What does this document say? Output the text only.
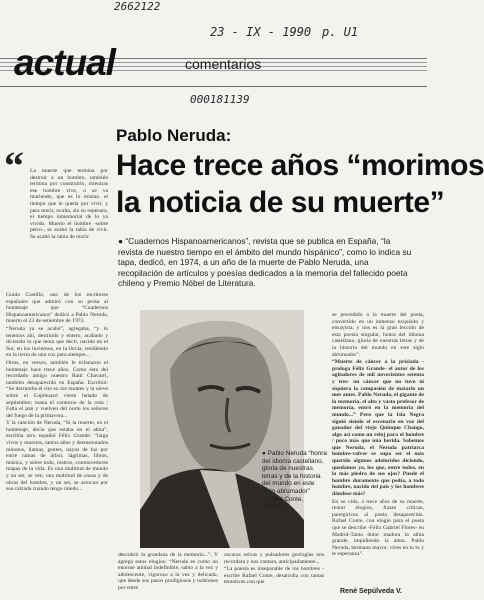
2662122
23 - IX - 1990 p. U1
000181139
actual	comentarios
Pablo Neruda:
Hace trece años “morimos
la noticia de su muerte”
● “Cuadernos Hispanoamericanos”, revista que se publica en España, “la revista de nuestro tiempo en el ámbito del mundo hispánico”, como lo indica su tapa, dedicó, en 1974, a un año de la muerte de Pablo Neruda, una recopilación de artículos y poesías dedicados a la memoria del fallecido poeta chileno y Premio Nóbel de Literatura.
“ La muerte que termina por destruir a un hombre, también termina por construirlo, mientras ese hombre vive, o se va muriendo, que es lo mismo. el tiempo que le queda por vivir, y para morir, oculta, sin su espesura, el tiempo inmemorial de lo ya vivido. Muerto el hombre -sobre perro-, se acabó la rabia de vivir. Se acabó la rabia de morir.

Guido Castillo, uno de los escritores españoles que admiró con su prosa al homenaje que “Cuadernos Hispanoamericanos” dedicó a Pablo Neruda, muerto el 23 de setiembre de 1973.

“Neruda ya se acabó”, agregaba, “y lo tenemos ahí, destruido y entero, acabado y diciendo lo que tenía que decir, nacido en el Sur, en los inviernos, en la lluvia, residiendo en la tierra de una voz para siempre...

Otros, en versos, también le tributaron el homenaje hace trece años. Como ésta del recordado amigo nuestro Raúl Chavarri, también desaparecido en España. Escribió: “Se derrumba el rito en los montes y la nieve sobre el Copihuacó vierte helado de septiembre; mana el contorno de la rosa / Falta el pan y vuelven del norte los señores del fuego de la primavera...

Y la canción de Neruda, “Si la muerte, en el homenaje, decía que estaba en el alma”, escribía otro español Félix Grande: “larga vivos y muertos, tantos años y desmesurados minutos, llamas, gentes, nayos de luz por entre ramas de árbol, lágrimas, libros, música, y sobre todo, rostros, conmovedores mapas de la vida. Es una multitud de mundo y un ser, se ven, una multitud de cosas y de obras del hombre, y un ser, se acercan por esa calzada cuando tengo miedo...

● Pablo Neruda “honra del idioma castellano, gloria de nuestras letras y de la historia del mundo en este siglo abrumador” (Rafael Conte, España).

descubrir la grandeza de la memoria...”, Y agrega estos elogios: “Neruda es como un enorme animal indefinible, sabio a la vez y adolescente, vigoroso a la vez y delicado, que desde sus pasos prodigiosos y turbiones por entre

oscuras selvas y pulsadores geologías nos recordara y nos cantara, anticipadamente...

“La poesía es inseparable de los hombres -escribe Rafael Conte, desarrolla con tantas tentativas con que

se precedido a la muerte del poeta, convertido en un inmenso exquisito y ensayista, y nos es la gran lección de esta poesía singular, honra del idioma castellano, gloria de nuestras letras y de la historia del mundo en este siglo abrumador”.

“Muerte de cáncer a la prisiada -prologa Félix Grande- el autor de los agitadores de mil novecientos setenta y tres- un cáncer que no tuvo ni siquiera la compasión de matarlo un mes antes. Pablo Neruda, el gigante de la memoria, el alto y vasto profesor de memoria, entró en la memoria del mundo...” Pero que la Isla Negra siguió siendo el escenario en voz del ganador del viejo Quinquo Chango, algo así como un reloj para el hombre / poco más que una herida. Sabemos que Neruda, el Neruda patriarca hombre-volver se supo ser el más querido algunos adoloridos diciendo, quedamos ya, los que, entre todos, en la más piedra de sus ojos? Puede el hombre duramente que pedía, a todo hombre, nacido del país y los hombres dándose más?

En su vida, a trece años de su muerte, reunir elogios, frases críticas, panegíricos al poeta desaparecido. Rafael Conte, con elogio para el poeta que se describe -Félix Gabriel Flores- en Madrid-Tanto dolor madura la alma grande, impidiendo la alma. Pablo Neruda, hermano mayor, vives en tu tu y te esperanza”.

René Sepúlveda V.
